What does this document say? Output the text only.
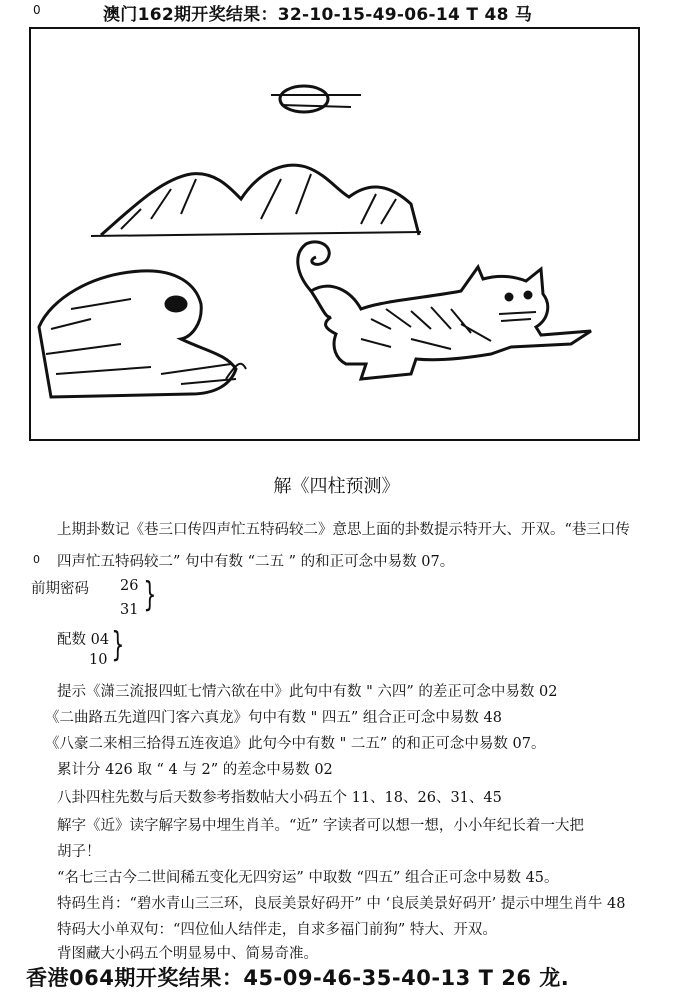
0	澳门162期开奖结果：32-10-15-49-06-14 T 48 马
解《四柱预测》
0
上期卦数记《巷三口传四声忙五特码较二》意思上面的卦数提示特开大、开双。“巷三口传
四声忙五特码较二” 句中有数 “二五 ” 的和正可念中易数 07。
前期密码 26
31 }
配数 04
10 }
提示《潇三流报四虹七情六欲在中》此句中有数 " 六四” 的差正可念中易数 02
《二曲路五先道四门客六真龙》句中有数 " 四五” 组合正可念中易数 48
《八豪二来相三拾得五连夜追》此句今中有数 " 二五” 的和正可念中易数 07。
累计分 426 取 “ 4 与 2” 的差念中易数 02
八卦四柱先数与后天数参考指数帖大小码五个 11、18、26、31、45
解字《近》读字解字易中埋生肖羊。“近” 字读者可以想一想，小小年纪长着一大把
胡子！
“名七三古今二世间稀五变化无四穷运” 中取数 “四五” 组合正可念中易数 45。
特码生肖：“碧水青山三三环，良辰美景好码开” 中 ‘良辰美景好码开’ 提示中埋生肖牛 48
特码大小单双句：“四位仙人结伴走，自求多福门前狗” 特大、开双。
背图藏大小码五个明显易中、简易奇准。
香港064期开奖结果：45-09-46-35-40-13 T 26 龙.
